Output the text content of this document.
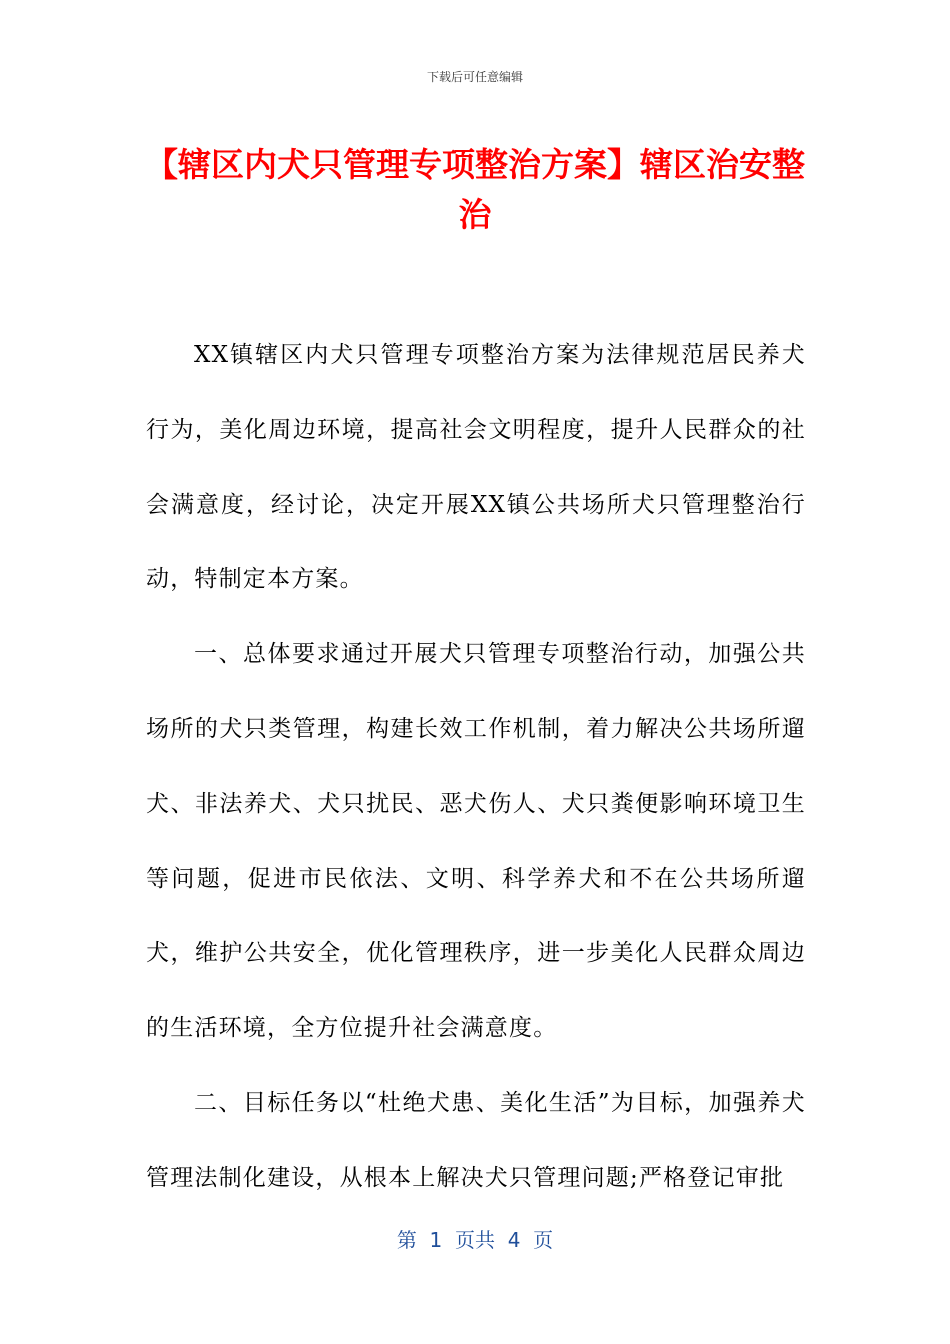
下载后可任意编辑
【辖区内犬只管理专项整治方案】辖区治安整治

XX镇辖区内犬只管理专项整治方案为法律规范居民养犬行为，美化周边环境，提高社会文明程度，提升人民群众的社会满意度，经讨论，决定开展XX镇公共场所犬只管理整治行动，特制定本方案。

一、总体要求通过开展犬只管理专项整治行动，加强公共场所的犬只类管理，构建长效工作机制，着力解决公共场所遛犬、非法养犬、犬只扰民、恶犬伤人、犬只粪便影响环境卫生等问题，促进市民依法、文明、科学养犬和不在公共场所遛犬，维护公共安全，优化管理秩序，进一步美化人民群众周边的生活环境，全方位提升社会满意度。

二、目标任务以“杜绝犬患、美化生活”为目标，加强养犬管理法制化建设，从根本上解决犬只管理问题;严格登记审批

第  1  页共  4  页
